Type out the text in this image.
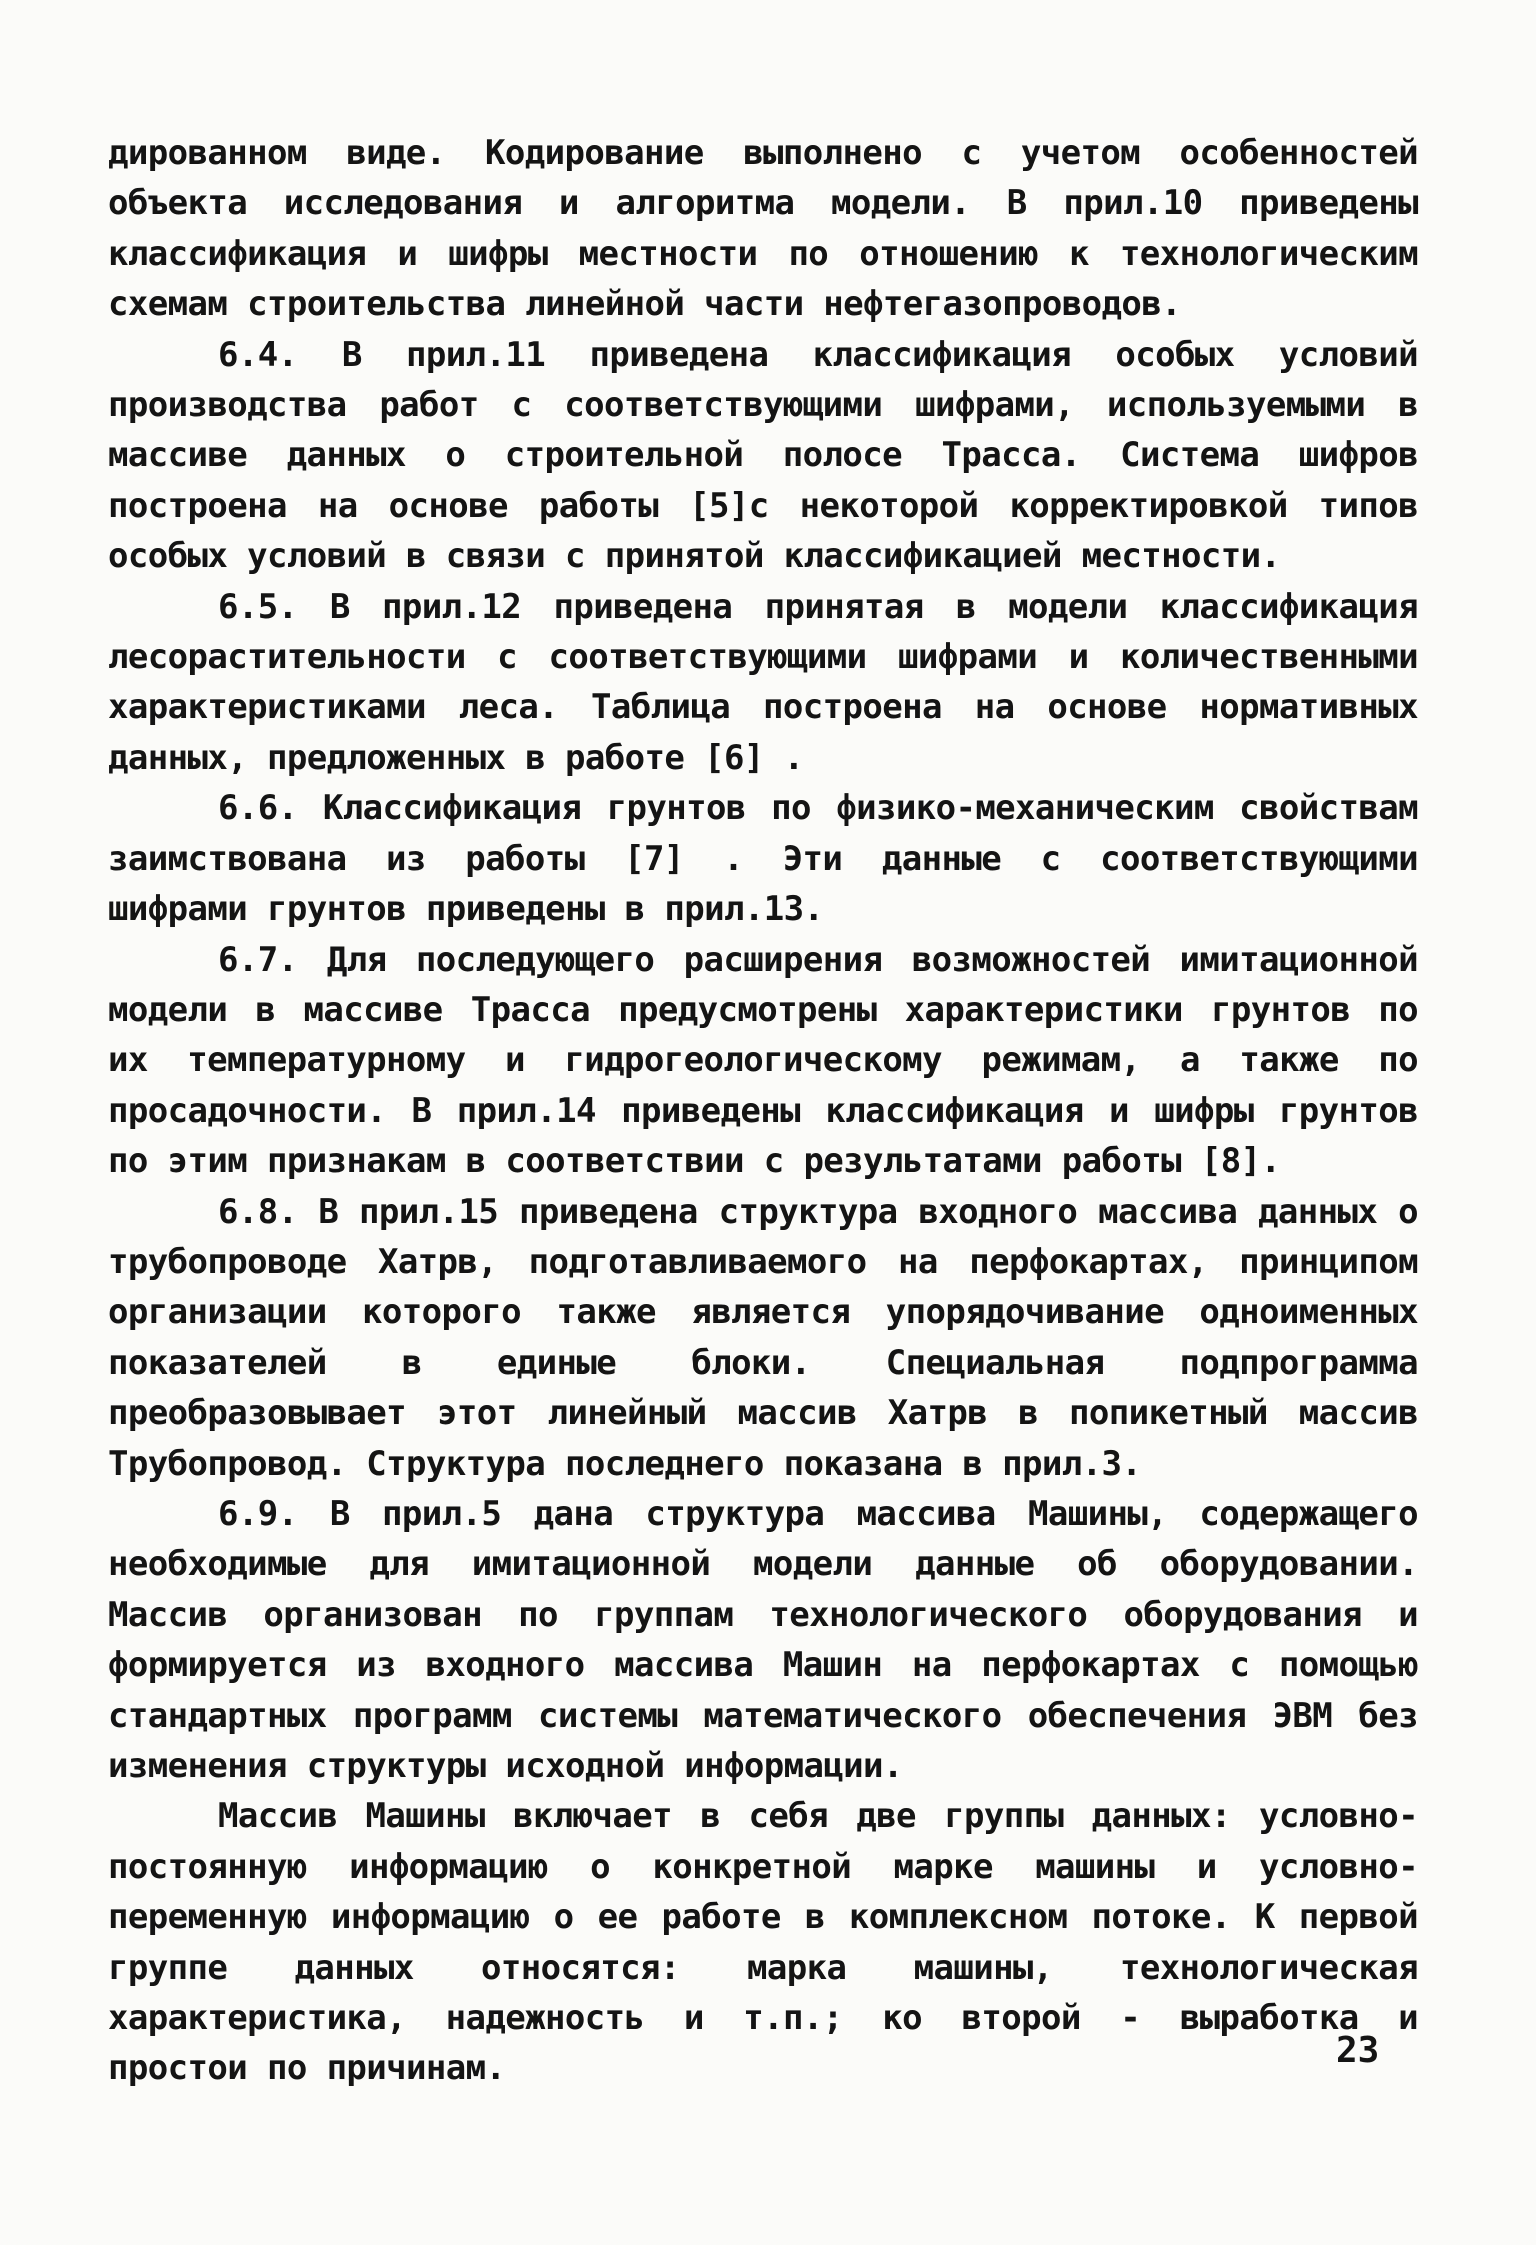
дированном виде. Кодирование выполнено с учетом особенностей объекта исследования и алгоритма модели. В прил.10 приведены классификация и шифры местности по отношению к технологическим схемам строительства линейной части нефтегазопроводов.

6.4. В прил.11 приведена классификация особых условий производства работ с соответствующими шифрами, используемыми в массиве данных о строительной полосе Трасса. Система шифров построена на основе работы [5]с некоторой корректировкой типов особых условий в связи с принятой классификацией местности.

6.5. В прил.12 приведена принятая в модели классификация лесорастительности с соответствующими шифрами и количественными характеристиками леса. Таблица построена на основе нормативных данных, предложенных в работе [6] .

6.6. Классификация грунтов по физико-механическим свойствам заимствована из работы [7] . Эти данные с соответствующими шифрами грунтов приведены в прил.13.

6.7. Для последующего расширения возможностей имитационной модели в массиве Трасса предусмотрены характеристики грунтов по их температурному и гидрогеологическому режимам, а также по просадочности. В прил.14 приведены классификация и шифры грунтов по этим признакам в соответствии с результатами работы [8].

6.8. В прил.15 приведена структура входного массива данных о трубопроводе Хатрв, подготавливаемого на перфокартах, принципом организации которого также является упорядочивание одноименных показателей в единые блоки. Специальная подпрограмма преобразовывает этот линейный массив Хатрв в попикетный массив Трубопровод. Структура последнего показана в прил.3.

6.9. В прил.5 дана структура массива Машины, содержащего необходимые для имитационной модели данные об оборудовании. Массив организован по группам технологического оборудования и формируется из входного массива Машин на перфокартах с помощью стандартных программ системы математического обеспечения ЭВМ без изменения структуры исходной информации.

Массив Машины включает в себя две группы данных: условно-постоянную информацию о конкретной марке машины и условно-переменную информацию о ее работе в комплексном потоке. К первой группе данных относятся: марка машины, технологическая характеристика, надежность и т.п.; ко второй - выработка и простои по причинам.	23
